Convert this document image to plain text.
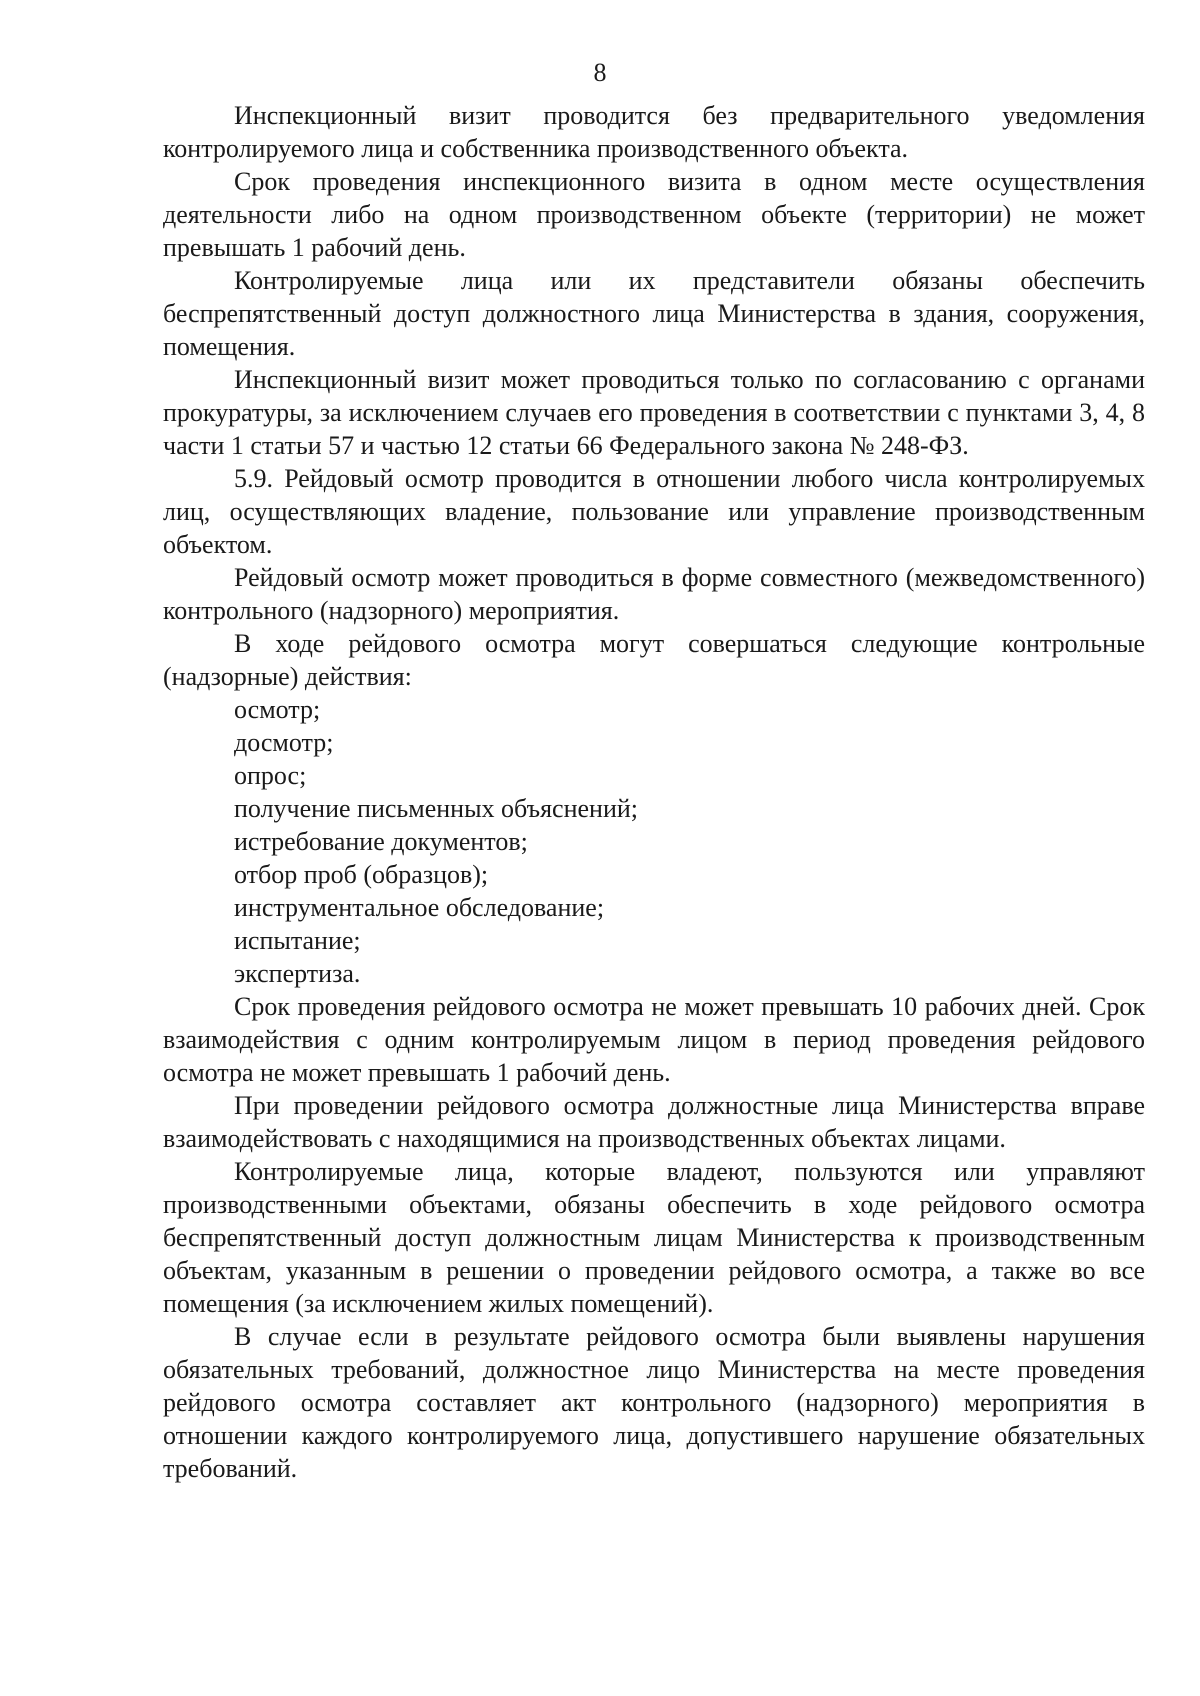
8

Инспекционный визит проводится без предварительного уведомления контролируемого лица и собственника производственного объекта.

Срок проведения инспекционного визита в одном месте осуществления деятельности либо на одном производственном объекте (территории) не может превышать 1 рабочий день.

Контролируемые лица или их представители обязаны обеспечить беспрепятственный доступ должностного лица Министерства в здания, сооружения, помещения.

Инспекционный визит может проводиться только по согласованию с органами прокуратуры, за исключением случаев его проведения в соответствии с пунктами 3, 4, 8 части 1 статьи 57 и частью 12 статьи 66 Федерального закона № 248-ФЗ.

5.9. Рейдовый осмотр проводится в отношении любого числа контролируемых лиц, осуществляющих владение, пользование или управление производственным объектом.

Рейдовый осмотр может проводиться в форме совместного (межведомственного) контрольного (надзорного) мероприятия.

В ходе рейдового осмотра могут совершаться следующие контрольные (надзорные) действия:

осмотр;
досмотр;
опрос;
получение письменных объяснений;
истребование документов;
отбор проб (образцов);
инструментальное обследование;
испытание;
экспертиза.

Срок проведения рейдового осмотра не может превышать 10 рабочих дней. Срок взаимодействия с одним контролируемым лицом в период проведения рейдового осмотра не может превышать 1 рабочий день.

При проведении рейдового осмотра должностные лица Министерства вправе взаимодействовать с находящимися на производственных объектах лицами.

Контролируемые лица, которые владеют, пользуются или управляют производственными объектами, обязаны обеспечить в ходе рейдового осмотра беспрепятственный доступ должностным лицам Министерства к производственным объектам, указанным в решении о проведении рейдового осмотра, а также во все помещения (за исключением жилых помещений).

В случае если в результате рейдового осмотра были выявлены нарушения обязательных требований, должностное лицо Министерства на месте проведения рейдового осмотра составляет акт контрольного (надзорного) мероприятия в отношении каждого контролируемого лица, допустившего нарушение обязательных требований.
